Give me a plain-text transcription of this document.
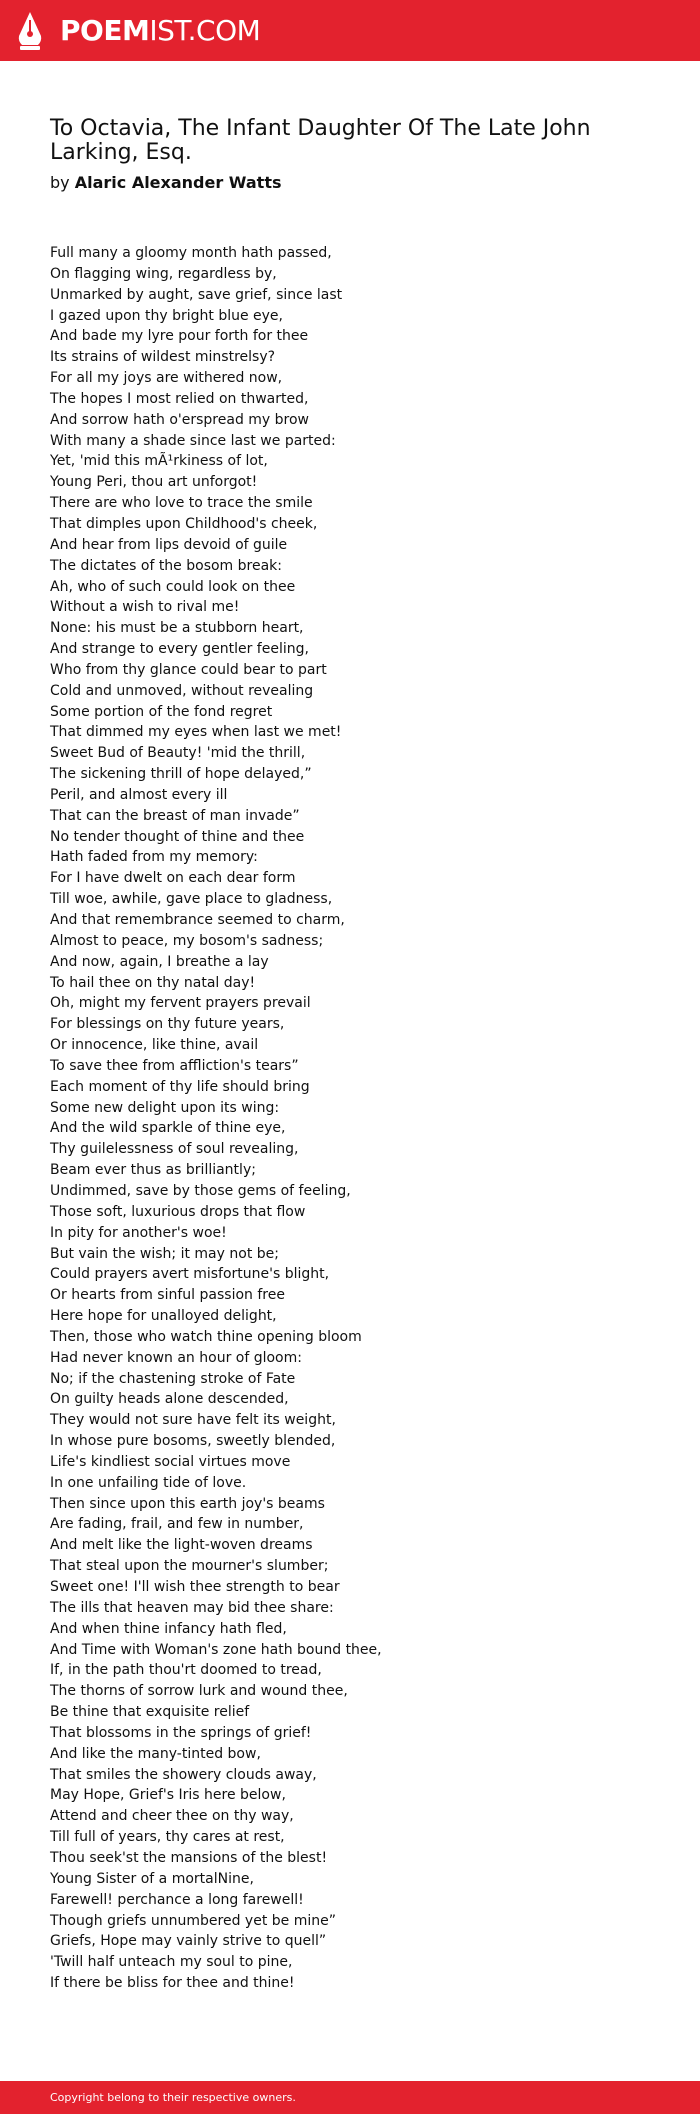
POEMIST.COM
To Octavia, The Infant Daughter Of The Late John Larking, Esq.
by Alaric Alexander Watts
Full many a gloomy month hath passed,
On flagging wing, regardless by,
Unmarked by aught, save grief, since last
I gazed upon thy bright blue eye,
And bade my lyre pour forth for thee
Its strains of wildest minstrelsy?
For all my joys are withered now,
The hopes I most relied on thwarted,
And sorrow hath o'erspread my brow
With many a shade since last we parted:
Yet, 'mid this mÃ¹rkiness of lot,
Young Peri, thou art unforgot!
There are who love to trace the smile
That dimples upon Childhood's cheek,
And hear from lips devoid of guile
The dictates of the bosom break:
Ah, who of such could look on thee
Without a wish to rival me!
None: his must be a stubborn heart,
And strange to every gentler feeling,
Who from thy glance could bear to part
Cold and unmoved, without revealing
Some portion of the fond regret
That dimmed my eyes when last we met!
Sweet Bud of Beauty! 'mid the thrill,
The sickening thrill of hope delayed,”
Peril, and almost every ill
That can the breast of man invade”
No tender thought of thine and thee
Hath faded from my memory:
For I have dwelt on each dear form
Till woe, awhile, gave place to gladness,
And that remembrance seemed to charm,
Almost to peace, my bosom's sadness;
And now, again, I breathe a lay
To hail thee on thy natal day!
Oh, might my fervent prayers prevail
For blessings on thy future years,
Or innocence, like thine, avail
To save thee from affliction's tears”
Each moment of thy life should bring
Some new delight upon its wing:
And the wild sparkle of thine eye,
Thy guilelessness of soul revealing,
Beam ever thus as brilliantly;
Undimmed, save by those gems of feeling,
Those soft, luxurious drops that flow
In pity for another's woe!
But vain the wish; it may not be;
Could prayers avert misfortune's blight,
Or hearts from sinful passion free
Here hope for unalloyed delight,
Then, those who watch thine opening bloom
Had never known an hour of gloom:
No; if the chastening stroke of Fate
On guilty heads alone descended,
They would not sure have felt its weight,
In whose pure bosoms, sweetly blended,
Life's kindliest social virtues move
In one unfailing tide of love.
Then since upon this earth joy's beams
Are fading, frail, and few in number,
And melt like the light-woven dreams
That steal upon the mourner's slumber;
Sweet one! I'll wish thee strength to bear
The ills that heaven may bid thee share:
And when thine infancy hath fled,
And Time with Woman's zone hath bound thee,
If, in the path thou'rt doomed to tread,
The thorns of sorrow lurk and wound thee,
Be thine that exquisite relief
That blossoms in the springs of grief!
And like the many-tinted bow,
That smiles the showery clouds away,
May Hope, Grief's Iris here below,
Attend and cheer thee on thy way,
Till full of years, thy cares at rest,
Thou seek'st the mansions of the blest!
Young Sister of a mortalNine,
Farewell! perchance a long farewell!
Though griefs unnumbered yet be mine”
Griefs, Hope may vainly strive to quell”
'Twill half unteach my soul to pine,
If there be bliss for thee and thine!
Copyright belong to their respective owners.
